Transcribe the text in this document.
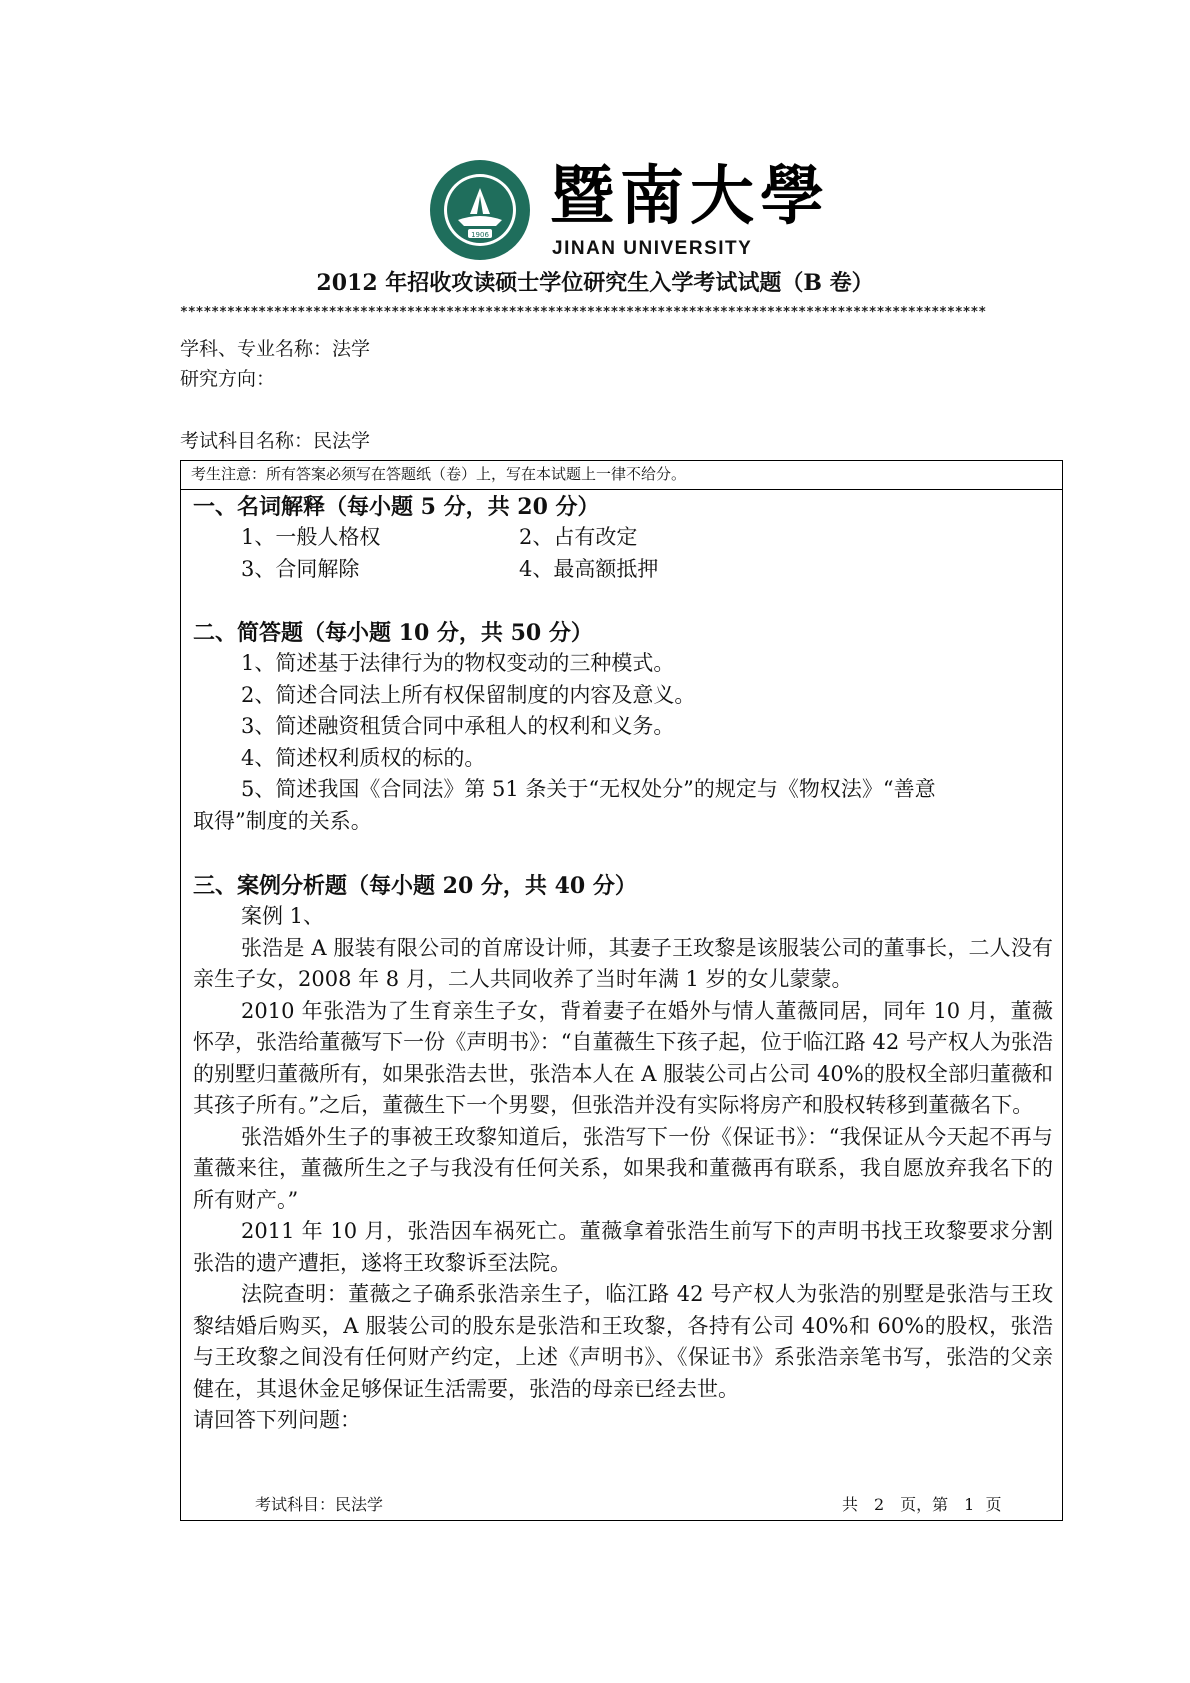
1906
暨南大學
JINAN UNIVERSITY
2012 年招收攻读硕士学位研究生入学考试试题（B 卷）
*******************************************************************************************************
学科、专业名称：法学
研究方向：
考试科目名称：民法学
考生注意：所有答案必须写在答题纸（卷）上，写在本试题上一律不给分。
一、名词解释（每小题 5 分，共 20 分）
1、一般人格权	2、占有改定
3、合同解除	4、最高额抵押
二、简答题（每小题 10 分，共 50 分）
1、简述基于法律行为的物权变动的三种模式。
2、简述合同法上所有权保留制度的内容及意义。
3、简述融资租赁合同中承租人的权利和义务。
4、简述权利质权的标的。
5、简述我国《合同法》第 51 条关于“无权处分”的规定与《物权法》“善意
取得”制度的关系。
三、案例分析题（每小题 20 分，共 40 分）
案例 1、

张浩是 A 服装有限公司的首席设计师，其妻子王玫黎是该服装公司的董事长，二人没有亲生子女，2008 年 8 月，二人共同收养了当时年满 1 岁的女儿蒙蒙。

2010 年张浩为了生育亲生子女，背着妻子在婚外与情人董薇同居，同年 10 月，董薇怀孕，张浩给董薇写下一份《声明书》：“自董薇生下孩子起，位于临江路 42 号产权人为张浩的别墅归董薇所有，如果张浩去世，张浩本人在 A 服装公司占公司 40%的股权全部归董薇和其孩子所有。”之后，董薇生下一个男婴，但张浩并没有实际将房产和股权转移到董薇名下。

张浩婚外生子的事被王玫黎知道后，张浩写下一份《保证书》：“我保证从今天起不再与董薇来往，董薇所生之子与我没有任何关系，如果我和董薇再有联系，我自愿放弃我名下的所有财产。”

2011 年 10 月，张浩因车祸死亡。董薇拿着张浩生前写下的声明书找王玫黎要求分割张浩的遗产遭拒，遂将王玫黎诉至法院。

法院查明：董薇之子确系张浩亲生子，临江路 42 号产权人为张浩的别墅是张浩与王玫黎结婚后购买，A 服装公司的股东是张浩和王玫黎，各持有公司 40%和 60%的股权，张浩与王玫黎之间没有任何财产约定，上述《声明书》、《保证书》系张浩亲笔书写，张浩的父亲健在，其退休金足够保证生活需要，张浩的母亲已经去世。

请回答下列问题：
考试科目：民法学	共　2　页，第　1 页
